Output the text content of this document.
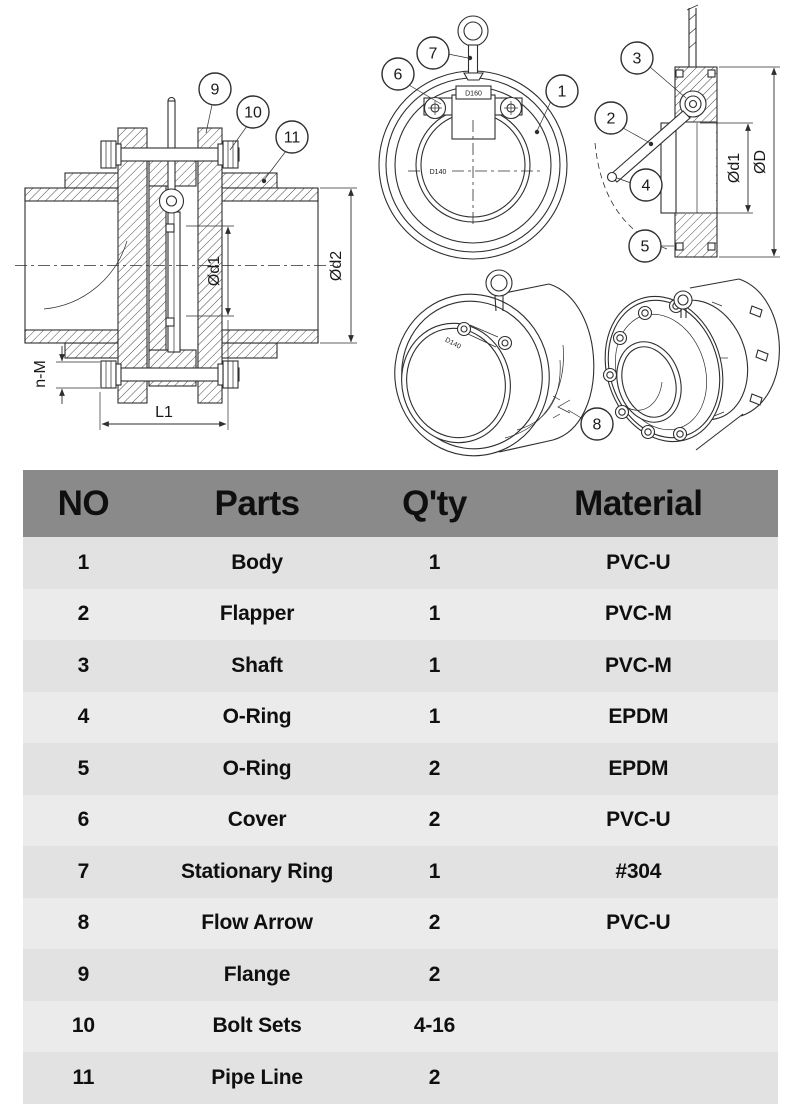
Ød1	Ød2
n-M
L1
9
10
11
D160
D140
6
7
1
Ød1 ØD
3
2
4
5
D140
8
NO	Parts	Q'ty	Material
1	Body	1	PVC-U
2	Flapper	1	PVC-M
3	Shaft	1	PVC-M
4	O-Ring	1	EPDM
5	O-Ring	2	EPDM
6	Cover	2	PVC-U
7	Stationary Ring	1	#304
8	Flow Arrow	2	PVC-U
9	Flange	2
10	Bolt Sets	4-16
11	Pipe Line	2
